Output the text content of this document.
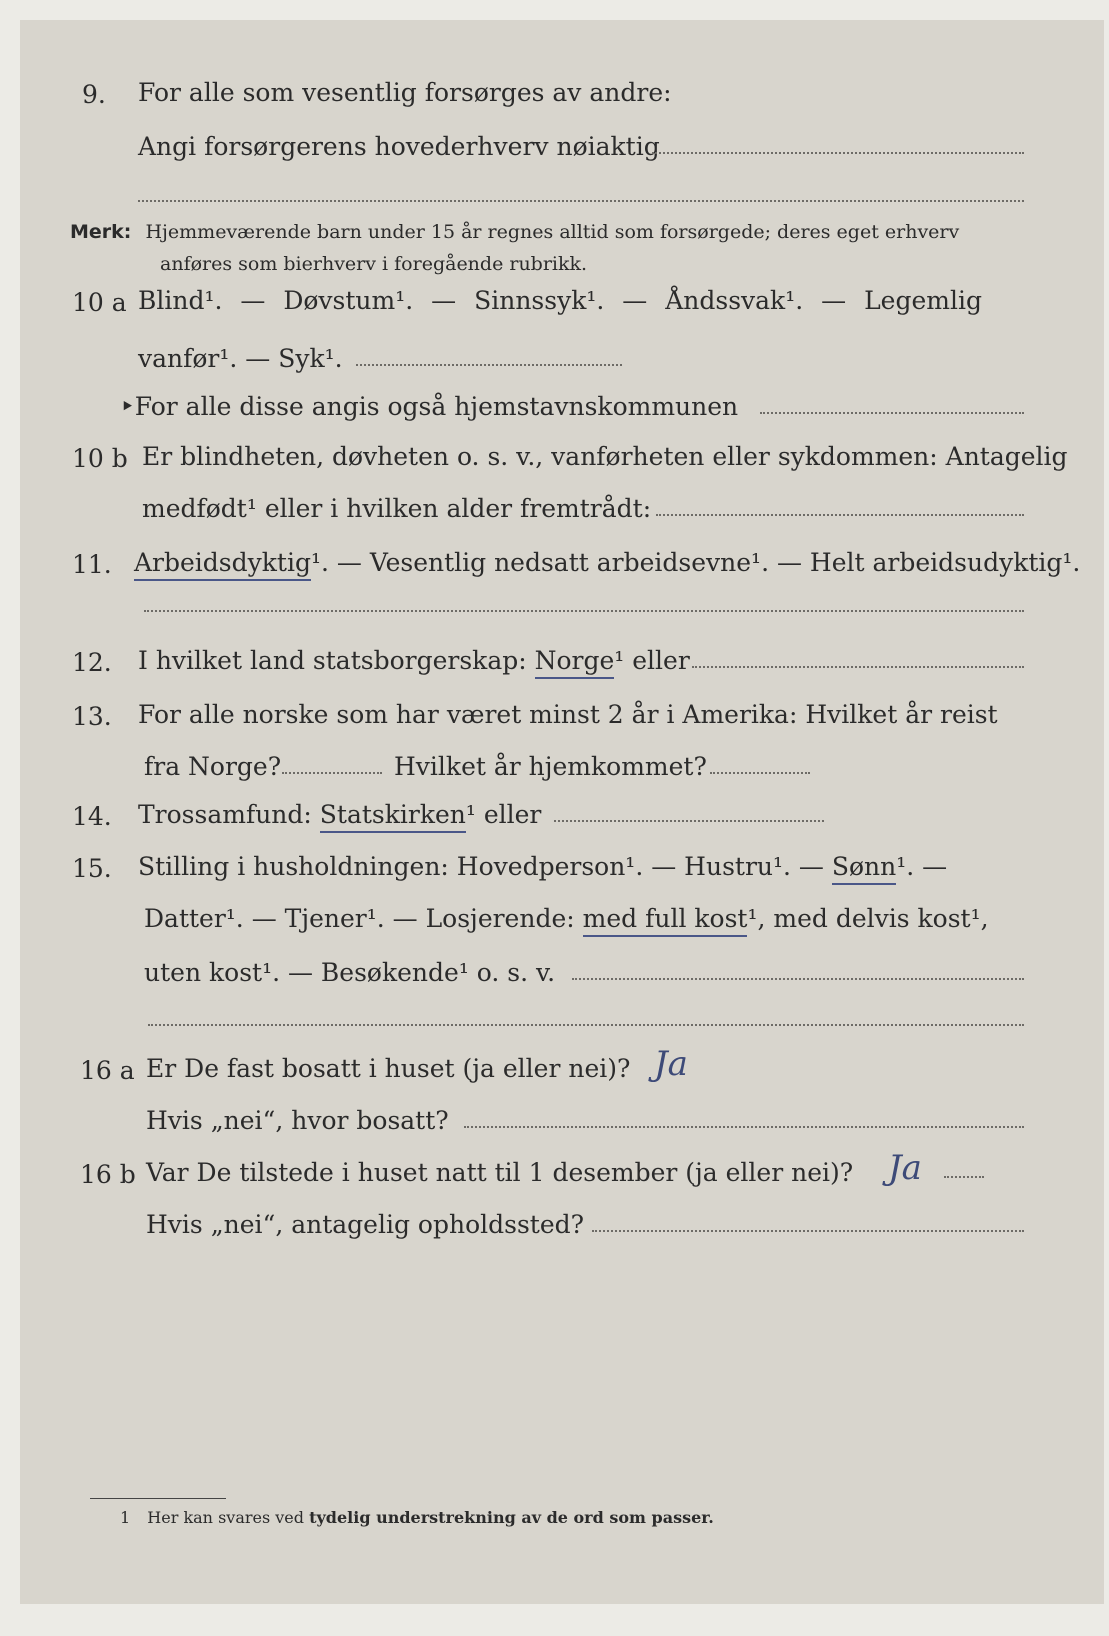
9. For alle som vesentlig forsørges av andre:
Angi forsørgerens hovederhverv nøiaktig
Merk: Hjemmeværende barn under 15 år regnes alltid som forsørgede; deres eget erhverv
anføres som bierhverv i foregående rubrikk.
10 a Blind¹. — Døvstum¹. — Sinnssyk¹. — Åndssvak¹. — Legemlig
vanfør¹. — Syk¹.
‣For alle disse angis også hjemstavnskommunen
10 b Er blindheten, døvheten o. s. v., vanførheten eller sykdommen: Antagelig
medfødt¹ eller i hvilken alder fremtrådt:
11. Arbeidsdyktig¹. — Vesentlig nedsatt arbeidsevne¹. — Helt arbeidsudyktig¹.
12. I hvilket land statsborgerskap: Norge¹ eller
13. For alle norske som har været minst 2 år i Amerika: Hvilket år reist
fra Norge?	Hvilket år hjemkommet?
14. Trossamfund: Statskirken¹ eller
15. Stilling i husholdningen: Hovedperson¹. — Hustru¹. — Sønn¹. —
Datter¹. — Tjener¹. — Losjerende: med full kost¹, med delvis kost¹,
uten kost¹. — Besøkende¹ o. s. v.
16 a Er De fast bosatt i huset (ja eller nei)? Ja
Hvis „nei“, hvor bosatt?
16 b Var De tilstede i huset natt til 1 desember (ja eller nei)? Ja
Hvis „nei“, antagelig opholdssted?
1 Her kan svares ved tydelig understrekning av de ord som passer.
